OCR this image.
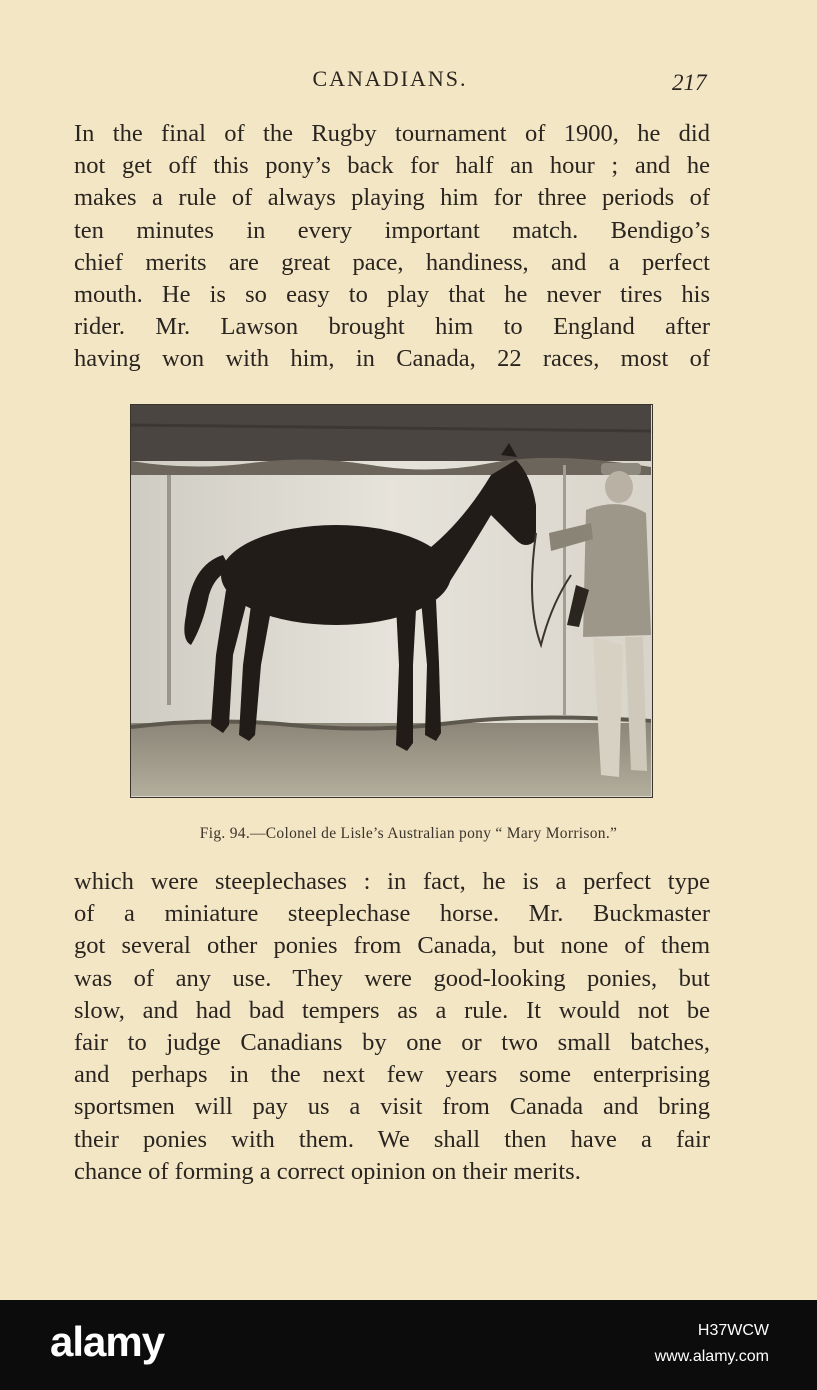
CANADIANS.	217

In the final of the Rugby tournament of 1900, he did
not get off this pony’s back for half an hour ; and he
makes a rule of always playing him for three periods of
ten minutes in every important match. Bendigo’s
chief merits are great pace, handiness, and a perfect
mouth. He is so easy to play that he never tires his
rider. Mr. Lawson brought him to England after
having won with him, in Canada, 22 races, most of

Fig. 94.—Colonel de Lisle’s Australian pony “ Mary Morrison.”

which were steeplechases : in fact, he is a perfect type
of a miniature steeplechase horse. Mr. Buckmaster
got several other ponies from Canada, but none of them
was of any use. They were good-looking ponies, but
slow, and had bad tempers as a rule. It would not be
fair to judge Canadians by one or two small batches,
and perhaps in the next few years some enterprising
sportsmen will pay us a visit from Canada and bring
their ponies with them. We shall then have a fair
chance of forming a correct opinion on their merits.

alamy	H37WCW
www.alamy.com
